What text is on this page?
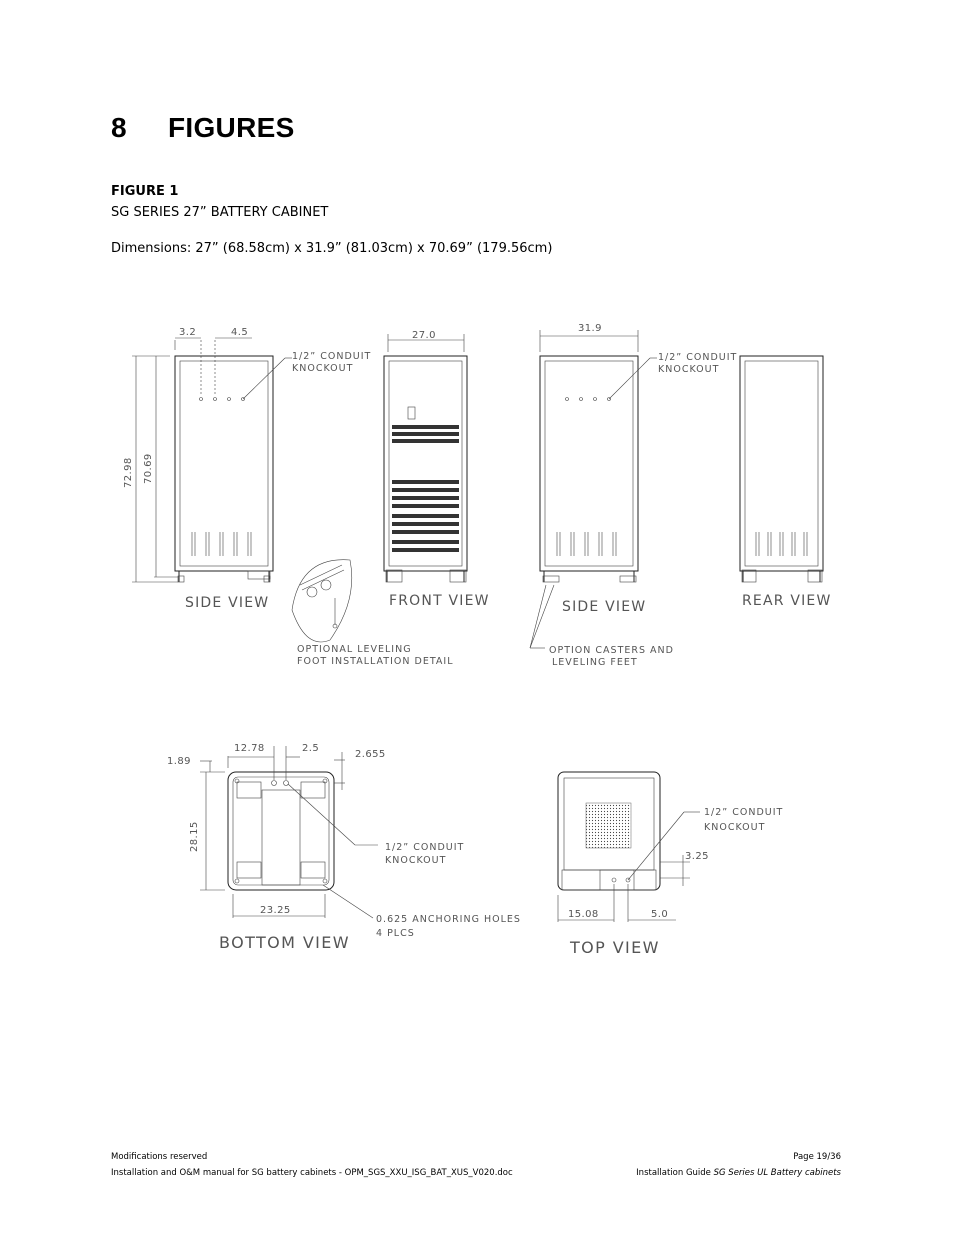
8 FIGURES
FIGURE 1
SG SERIES 27” BATTERY CABINET
Dimensions: 27” (68.58cm) x 31.9” (81.03cm) x 70.69” (179.56cm)
SIDE VIEW	FRONT VIEW	SIDE VIEW	REAR VIEW
BOTTOM VIEW	TOP VIEW
3.2	4.5	27.0
31.9
72.98 70.69
12.78	2.5
2.655
1.89
28.15
23.25
3.25
15.08	5.0
1/2” CONDUIT
KNOCKOUT
1/2” CONDUIT
KNOCKOUT
OPTIONAL LEVELING
FOOT INSTALLATION DETAIL
OPTION CASTERS AND
LEVELING FEET
1/2” CONDUIT
KNOCKOUT
1/2” CONDUIT
KNOCKOUT
0.625 ANCHORING HOLES
4 PLCS
Modifications reserved
Installation and O&M manual for SG battery cabinets - OPM_SGS_XXU_ISG_BAT_XUS_V020.doc
Page 19/36
Installation Guide SG Series UL Battery cabinets
